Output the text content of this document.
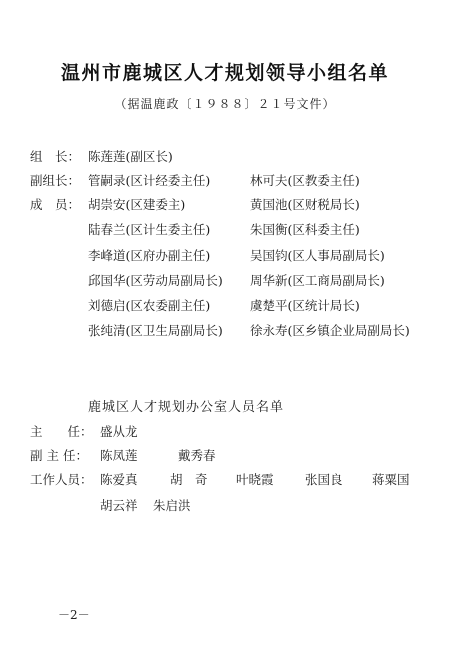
温州市鹿城区人才规划领导小组名单
（据温鹿政〔１９８８〕２１号文件）
组　长： 陈莲莲(副区长)
副组长： 管嗣录(区计经委主任)	林可夫(区教委主任)
成　员： 胡崇安(区建委主)	黄国池(区财税局长)
陆春兰(区计生委主任)	朱国衡(区科委主任)
李峰道(区府办副主任)	吴国钧(区人事局副局长)
邱国华(区劳动局副局长) 周华新(区工商局副局长)
刘德启(区农委副主任)	虞楚平(区统计局长)
张纯清(区卫生局副局长) 徐永寿(区乡镇企业局副局长)
鹿城区人才规划办公室人员名单
主　　任： 盛从龙
副 主 任： 陈凤莲	戴秀春
工作人员： 陈爱真	胡　奇 叶晓霞	张国良 蒋粟国
胡云祥 朱启洪
－2－
